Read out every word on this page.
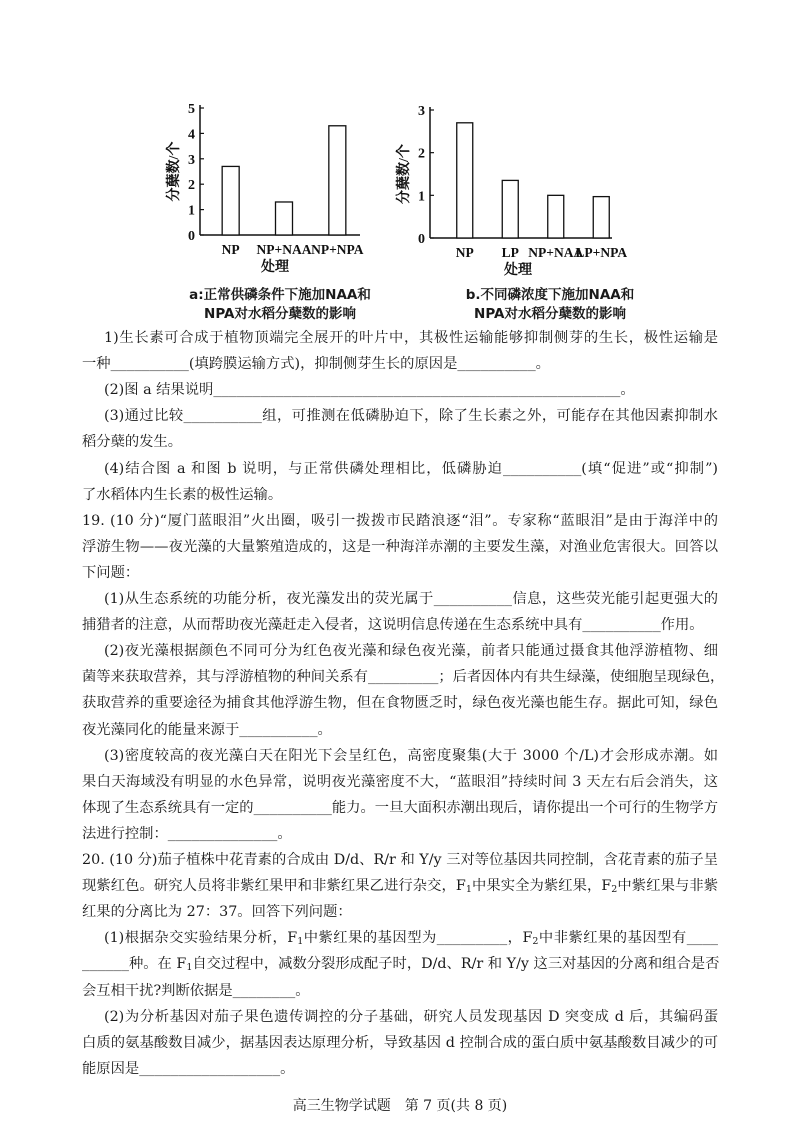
0
1
2
3
4
5
NP NP+NAA NP+NPA
处理
分蘖数/个
0
1
2
3
NP LP NP+NAA
LP+NPA
处理
分蘖数/个
a:正常供磷条件下施加NAA和
NPA对水稻分蘖数的影响
b.不同磷浓度下施加NAA和
NPA对水稻分蘖数的影响
1)生长素可合成于植物顶端完全展开的叶片中，其极性运输能够抑制侧芽的生长，极性运输是
一种__________(填跨膜运输方式)，抑制侧芽生长的原因是__________。
(2)图 a 结果说明____________________________________________________。
(3)通过比较__________组，可推测在低磷胁迫下，除了生长素之外，可能存在其他因素抑制水
稻分蘖的发生。
(4)结合图 a 和图 b 说明，与正常供磷处理相比，低磷胁迫__________(填“促进”或“抑制”)
了水稻体内生长素的极性运输。
19. (10 分)“厦门蓝眼泪”火出圈，吸引一拨拨市民踏浪逐“泪”。专家称“蓝眼泪”是由于海洋中的
浮游生物——夜光藻的大量繁殖造成的，这是一种海洋赤潮的主要发生藻，对渔业危害很大。回答以
下问题：
(1)从生态系统的功能分析，夜光藻发出的荧光属于__________信息，这些荧光能引起更强大的
捕猎者的注意，从而帮助夜光藻赶走入侵者，这说明信息传递在生态系统中具有__________作用。
(2)夜光藻根据颜色不同可分为红色夜光藻和绿色夜光藻，前者只能通过摄食其他浮游植物、细
菌等来获取营养，其与浮游植物的种间关系有_________；后者因体内有共生绿藻，使细胞呈现绿色，
获取营养的重要途径为捕食其他浮游生物，但在食物匮乏时，绿色夜光藻也能生存。据此可知，绿色
夜光藻同化的能量来源于__________。
(3)密度较高的夜光藻白天在阳光下会呈红色，高密度聚集(大于 3000 个/L)才会形成赤潮。如
果白天海域没有明显的水色异常，说明夜光藻密度不大，“蓝眼泪”持续时间 3 天左右后会消失，这
体现了生态系统具有一定的__________能力。一旦大面积赤潮出现后，请你提出一个可行的生物学方
法进行控制：______________。
20. (10 分)茄子植株中花青素的合成由 D/d、R/r 和 Y/y 三对等位基因共同控制，含花青素的茄子呈
现紫红色。研究人员将非紫红果甲和非紫红果乙进行杂交，$F_1$中果实全为紫红果，$F_2$中紫红果与非紫
红果的分离比为 27：37。回答下列问题：
(1)根据杂交实验结果分析，$F_1$中紫红果的基因型为_________，$F_2$中非紫红果的基因型有____
______种。在 $F_1$自交过程中，减数分裂形成配子时，D/d、R/r 和 Y/y 这三对基因的分离和组合是否
会互相干扰?判断依据是________。
(2)为分析基因对茄子果色遗传调控的分子基础，研究人员发现基因 D 突变成 d 后，其编码蛋
白质的氨基酸数目减少，据基因表达原理分析，导致基因 d 控制合成的蛋白质中氨基酸数目减少的可
能原因是__________________。
高三生物学试题　第 7 页(共 8 页)
